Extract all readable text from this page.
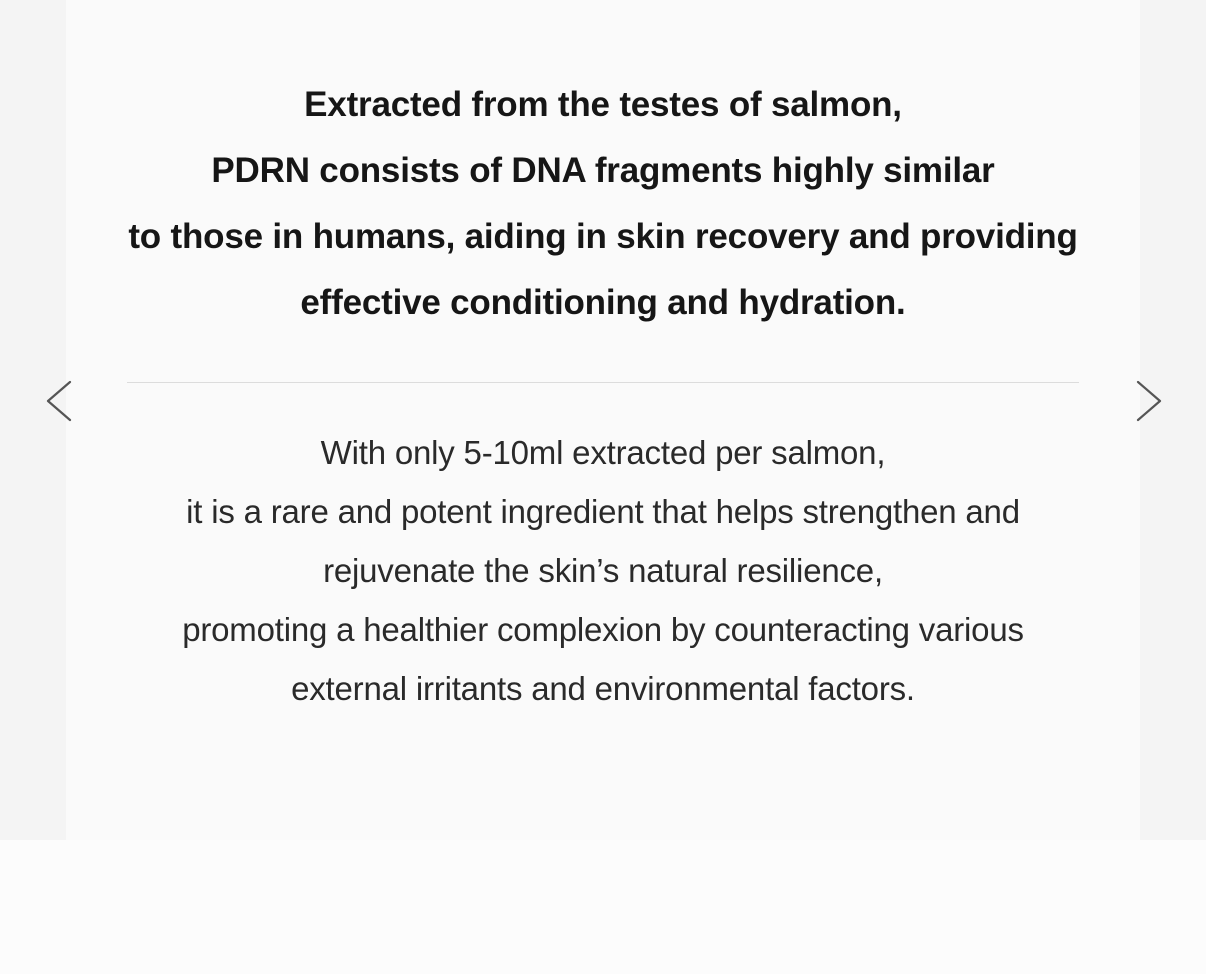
Extracted from the testes of salmon,
PDRN consists of DNA fragments highly similar
to those in humans, aiding in skin recovery and providing
effective conditioning and hydration.
With only 5-10ml extracted per salmon,
it is a rare and potent ingredient that helps strengthen and
rejuvenate the skin’s natural resilience,
promoting a healthier complexion by counteracting various
external irritants and environmental factors.
